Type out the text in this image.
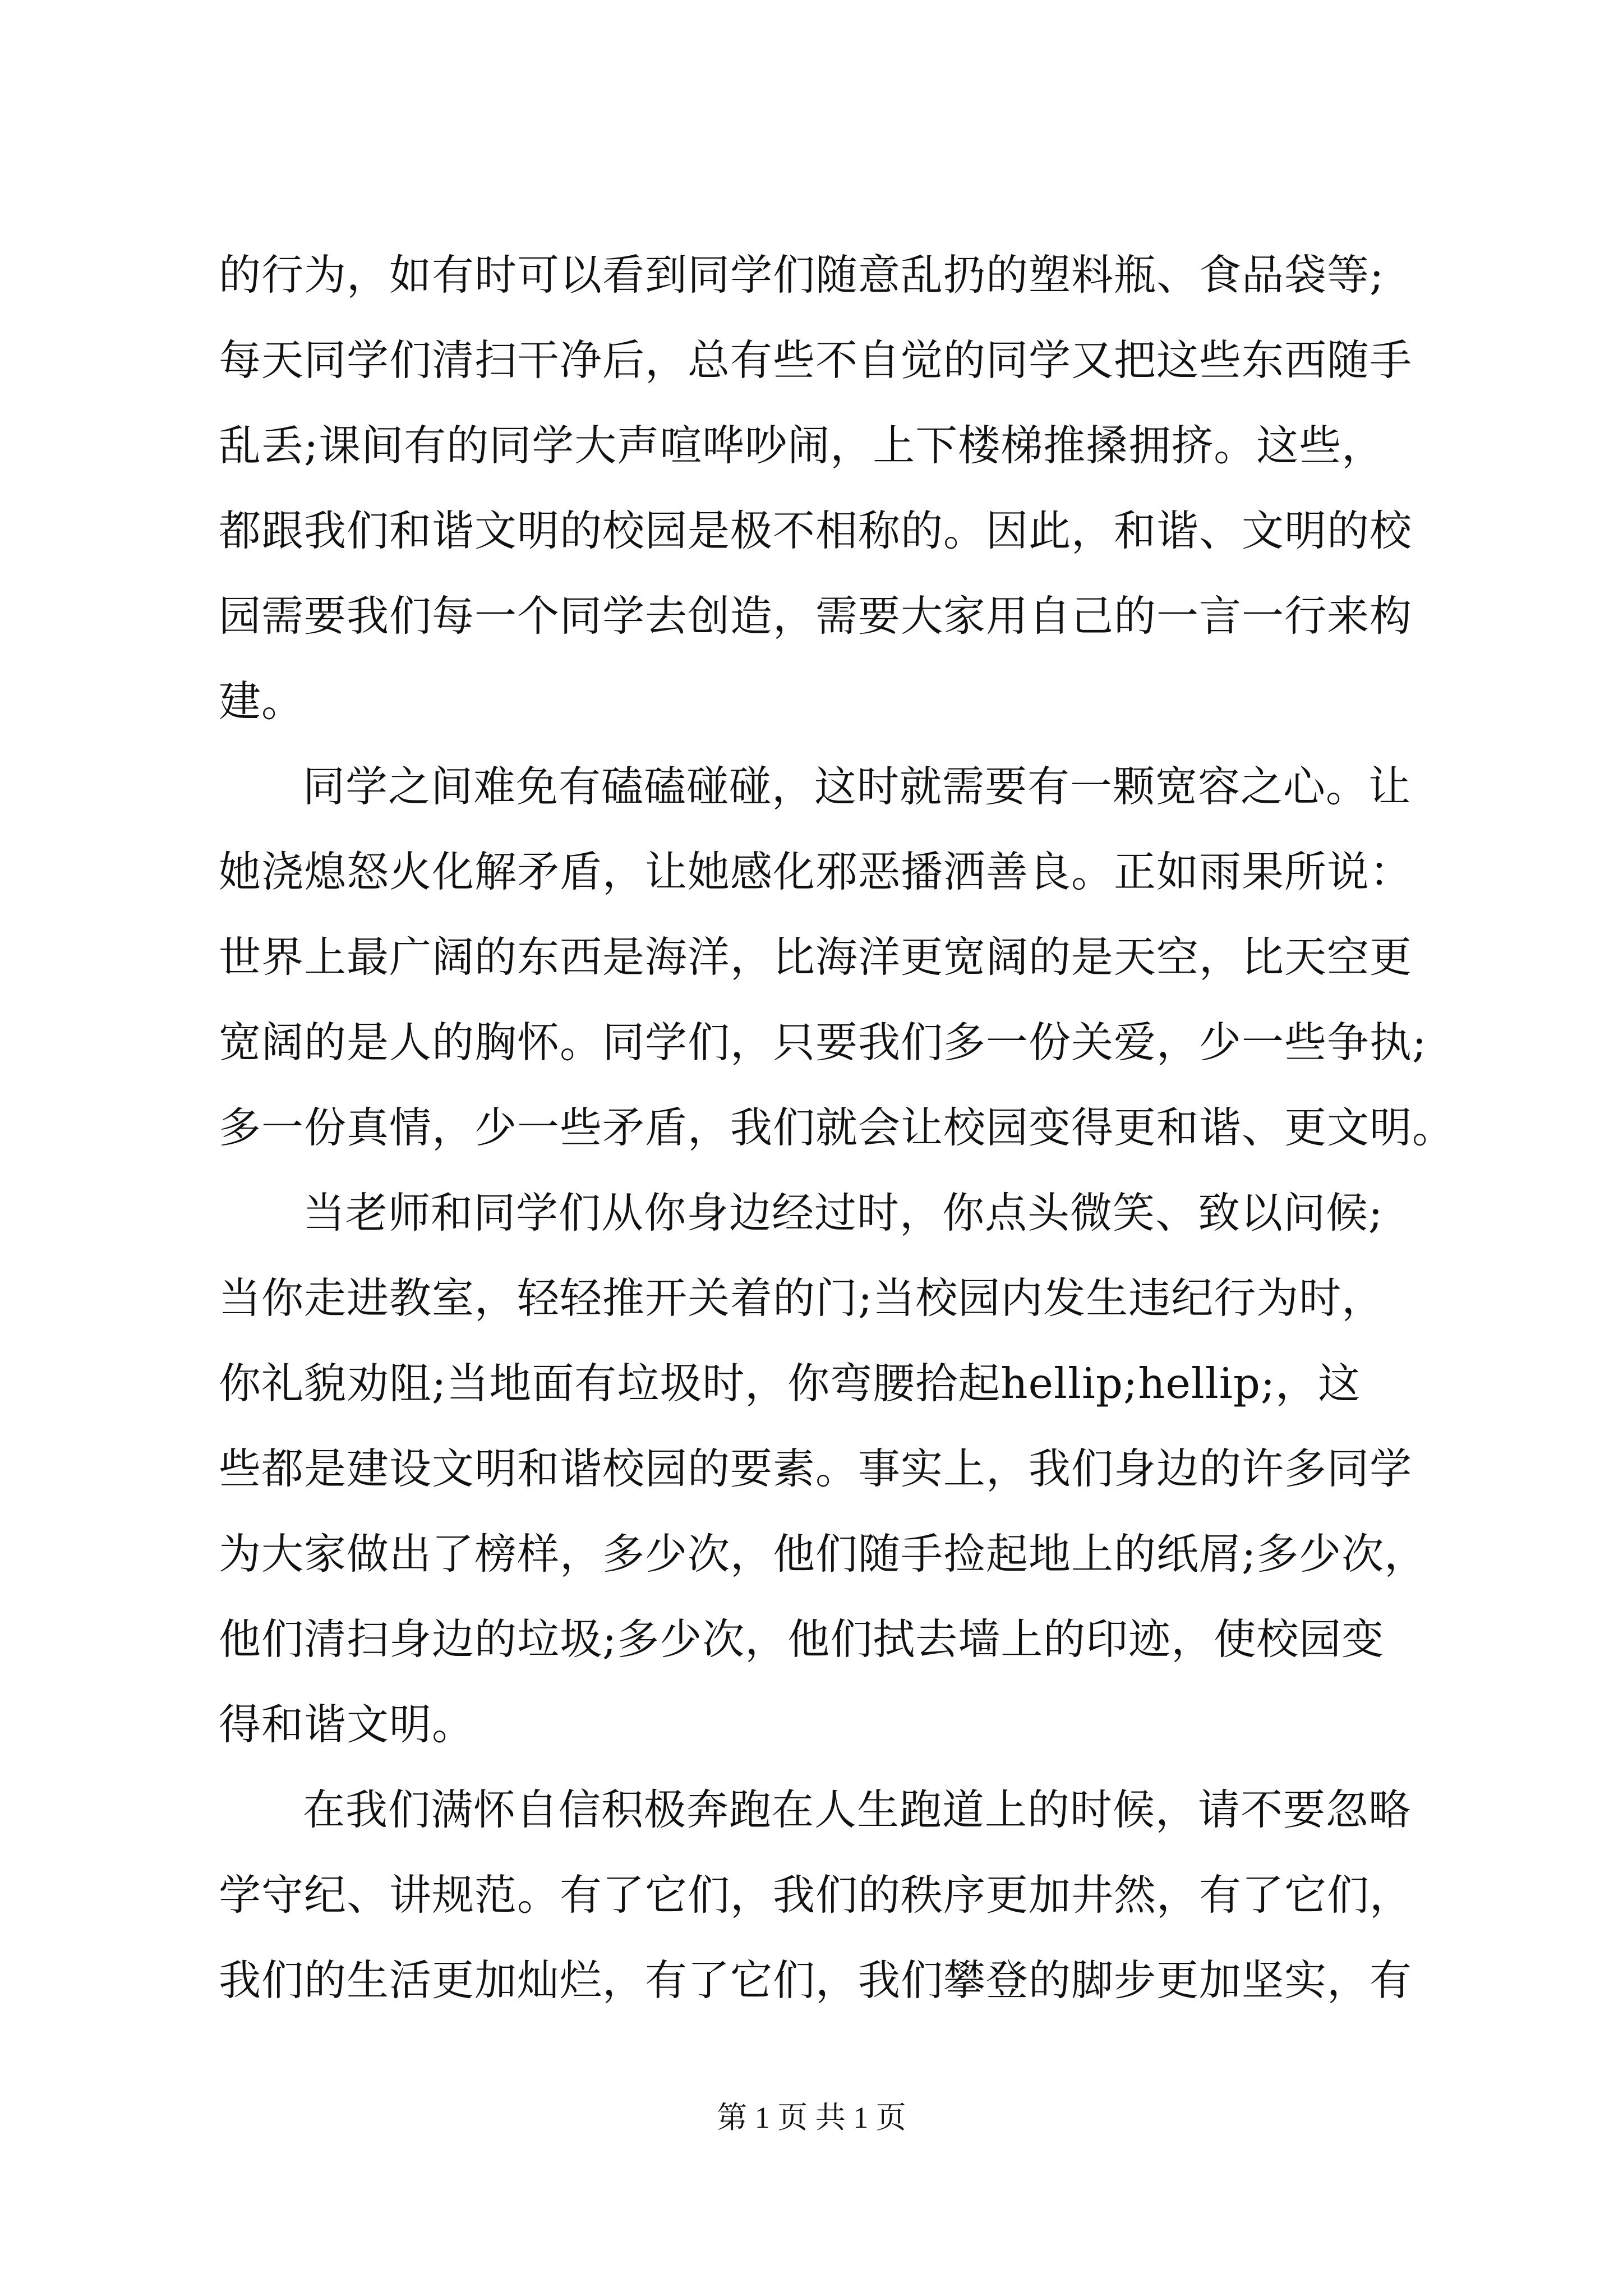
的行为，如有时可以看到同学们随意乱扔的塑料瓶、食品袋等;
每天同学们清扫干净后，总有些不自觉的同学又把这些东西随手
乱丢;课间有的同学大声喧哗吵闹，上下楼梯推搡拥挤。这些，
都跟我们和谐文明的校园是极不相称的。因此，和谐、文明的校
园需要我们每一个同学去创造，需要大家用自己的一言一行来构
建。
同学之间难免有磕磕碰碰，这时就需要有一颗宽容之心。让
她浇熄怒火化解矛盾，让她感化邪恶播洒善良。正如雨果所说：
世界上最广阔的东西是海洋，比海洋更宽阔的是天空，比天空更
宽阔的是人的胸怀。同学们，只要我们多一份关爱，少一些争执;
多一份真情，少一些矛盾，我们就会让校园变得更和谐、更文明。
当老师和同学们从你身边经过时，你点头微笑、致以问候;
当你走进教室，轻轻推开关着的门;当校园内发生违纪行为时，
你礼貌劝阻;当地面有垃圾时，你弯腰拾起hellip;hellip;，这
些都是建设文明和谐校园的要素。事实上，我们身边的许多同学
为大家做出了榜样，多少次，他们随手捡起地上的纸屑;多少次，
他们清扫身边的垃圾;多少次，他们拭去墙上的印迹，使校园变
得和谐文明。
在我们满怀自信积极奔跑在人生跑道上的时候，请不要忽略
学守纪、讲规范。有了它们，我们的秩序更加井然，有了它们，
我们的生活更加灿烂，有了它们，我们攀登的脚步更加坚实，有
第 1 页 共 1 页
